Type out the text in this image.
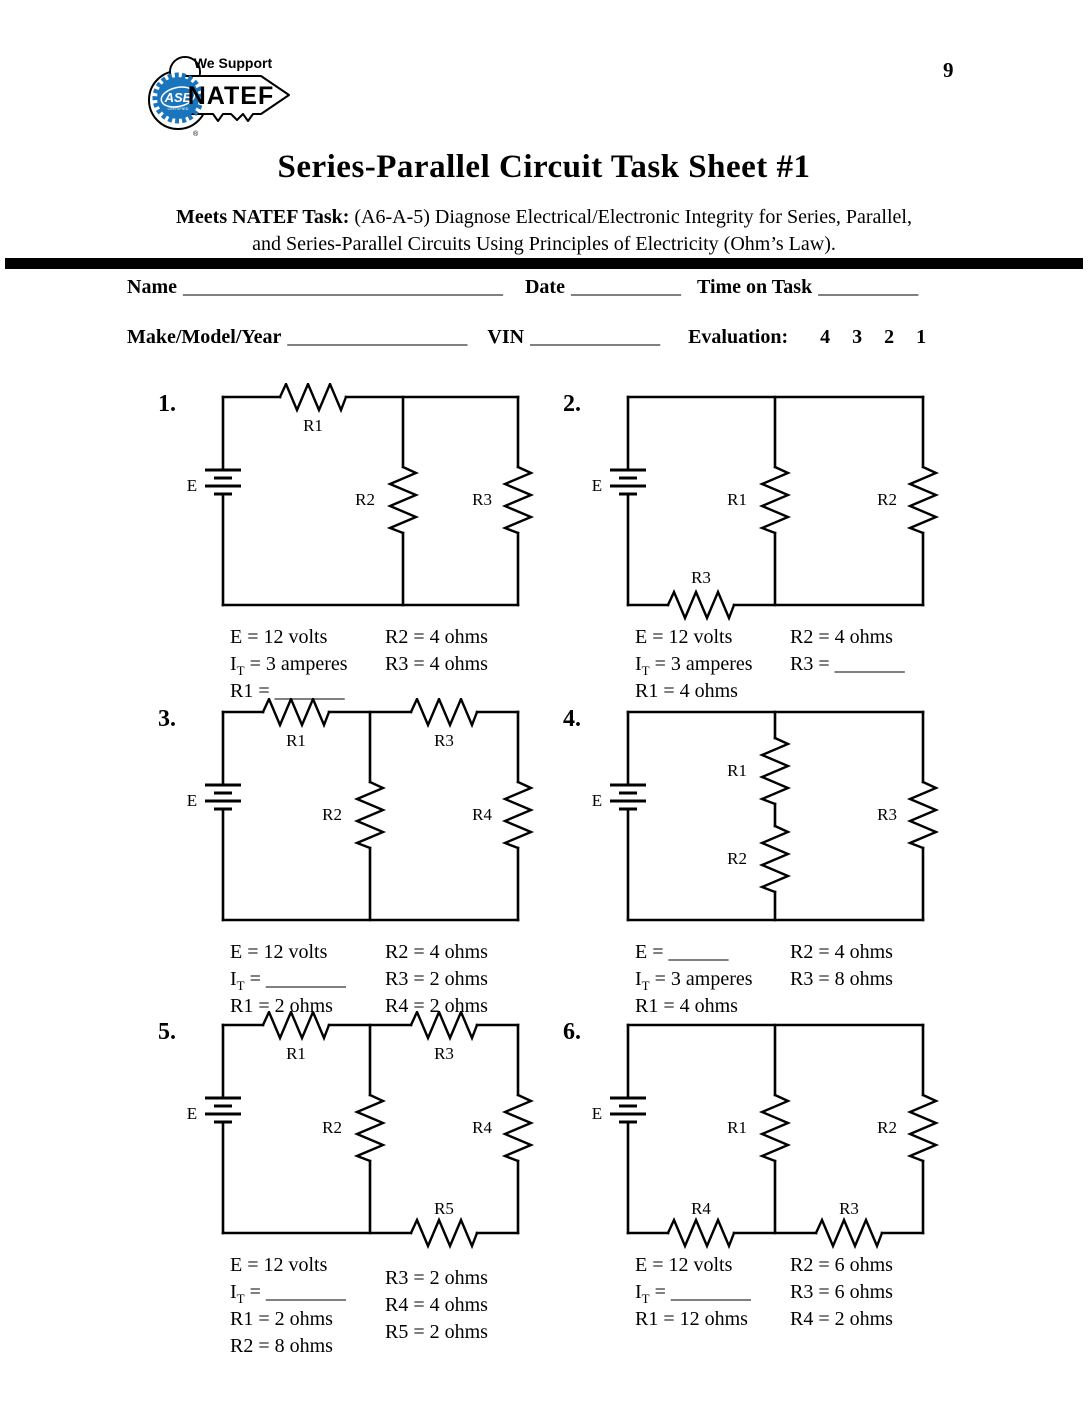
9
ASE
CERTIFIED
We Support
NATEF
®
Series-Parallel Circuit Task Sheet #1
Meets NATEF Task: (A6-A-5) Diagnose Electrical/Electronic Integrity for Series, Parallel,
and Series-Parallel Circuits Using Principles of Electricity (Ohm’s Law).
Name ________________________________ Date ___________ Time on Task __________
Make/Model/Year __________________ VIN _____________ Evaluation: 4 3 2 1
1.
E
R1
R2	R3
E = 12 volts
$I_T = 3$ amperes
R1 = _______
R2 = 4 ohms
R3 = 4 ohms
2.
E
R1	R2
R3
E = 12 volts
$I_T = 3$ amperes
R1 = 4 ohms
R2 = 4 ohms
R3 = _______
3.
E
R1	R3
R2	R4
E = 12 volts
$I_T$ = ________
R1 = 2 ohms
R2 = 4 ohms
R3 = 2 ohms
R4 = 2 ohms
4.
E
R1
R2
R3
E = ______
$I_T = 3$ amperes
R1 = 4 ohms
R2 = 4 ohms
R3 = 8 ohms
5.
E
R1	R3
R2	R4
R5
E = 12 volts
$I_T$ = ________
R1 = 2 ohms
R2 = 8 ohms
R3 = 2 ohms
R4 = 4 ohms
R5 = 2 ohms
6.
E
R1	R2
R4	R3
E = 12 volts
$I_T$ = ________
R1 = 12 ohms
R2 = 6 ohms
R3 = 6 ohms
R4 = 2 ohms
